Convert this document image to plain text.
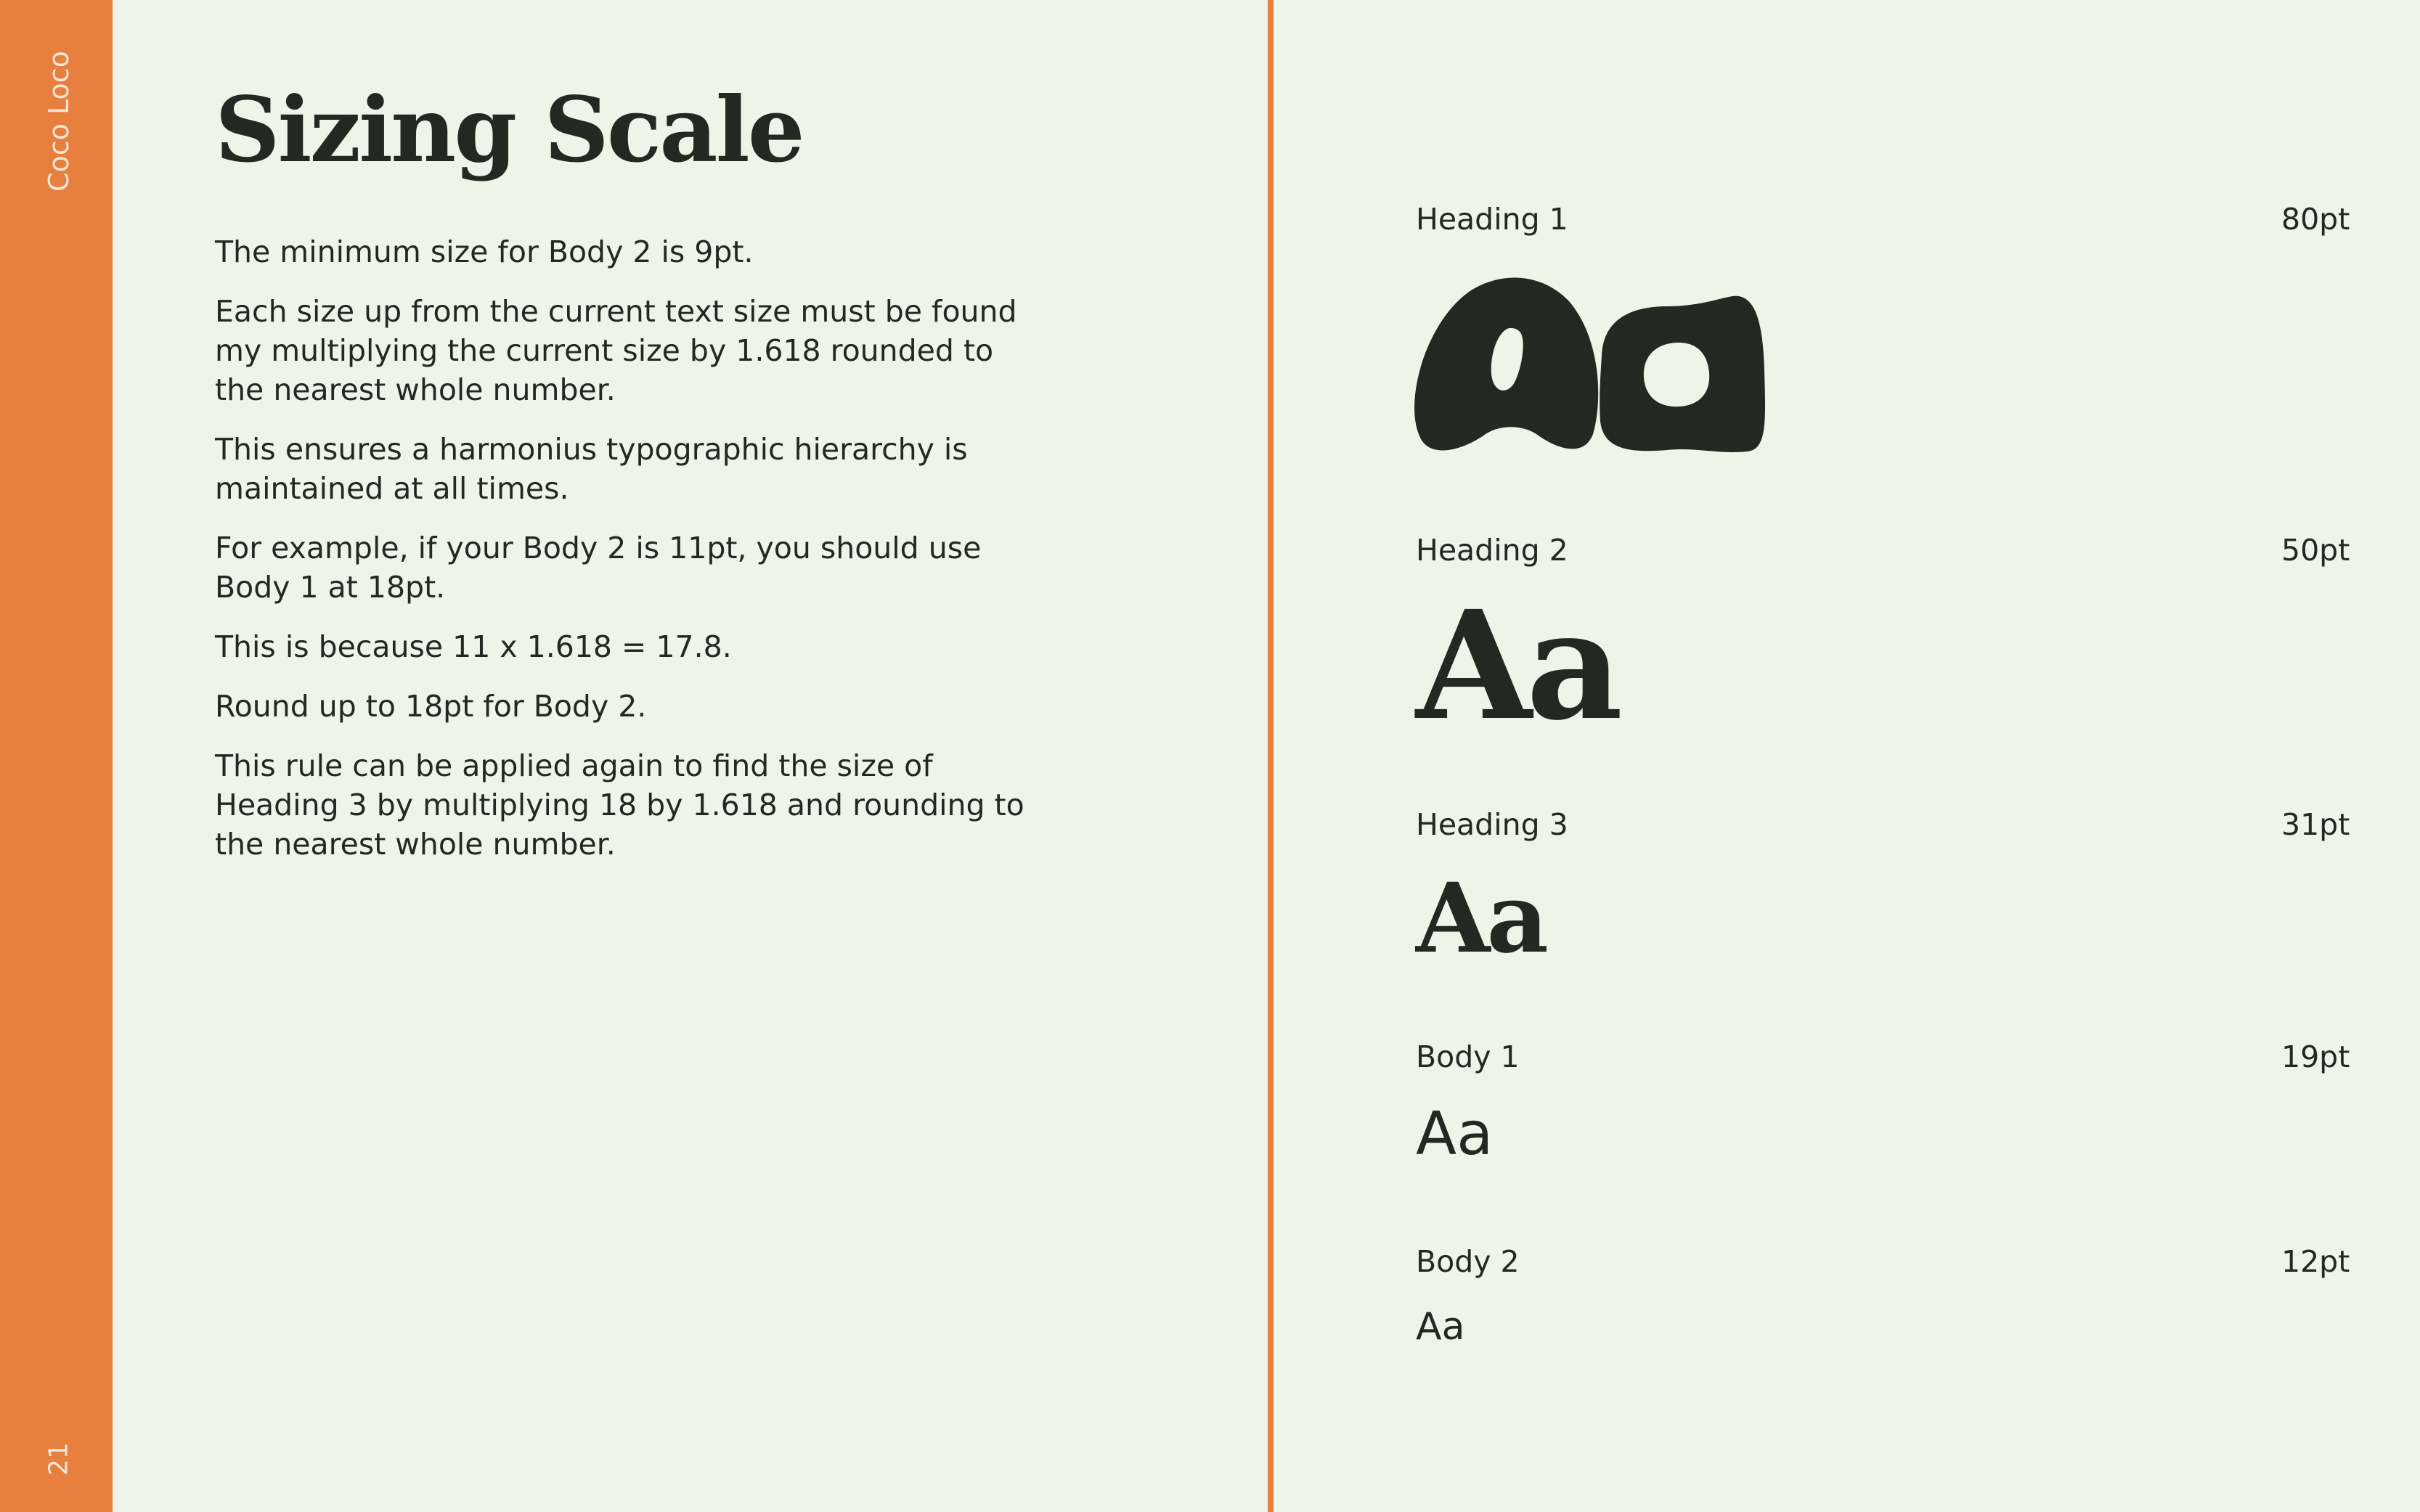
Coco Loco
21
Sizing Scale

The minimum size for Body 2 is 9pt.

Each size up from the current text size must be found my multiplying the current size by 1.618 rounded to the nearest whole number.

This ensures a harmonius typographic hierarchy is maintained at all times.

For example, if your Body 2 is 11pt, you should use Body 1 at 18pt.

This is because 11 x 1.618 = 17.8.

Round up to 18pt for Body 2.

This rule can be applied again to find the size of Heading 3 by multiplying 18 by 1.618 and rounding to the nearest whole number.

Heading 1	80pt
Heading 2	50pt
Aa
Heading 3	31pt
Aa
Body 1	19pt
Aa
Body 2	12pt
Aa
